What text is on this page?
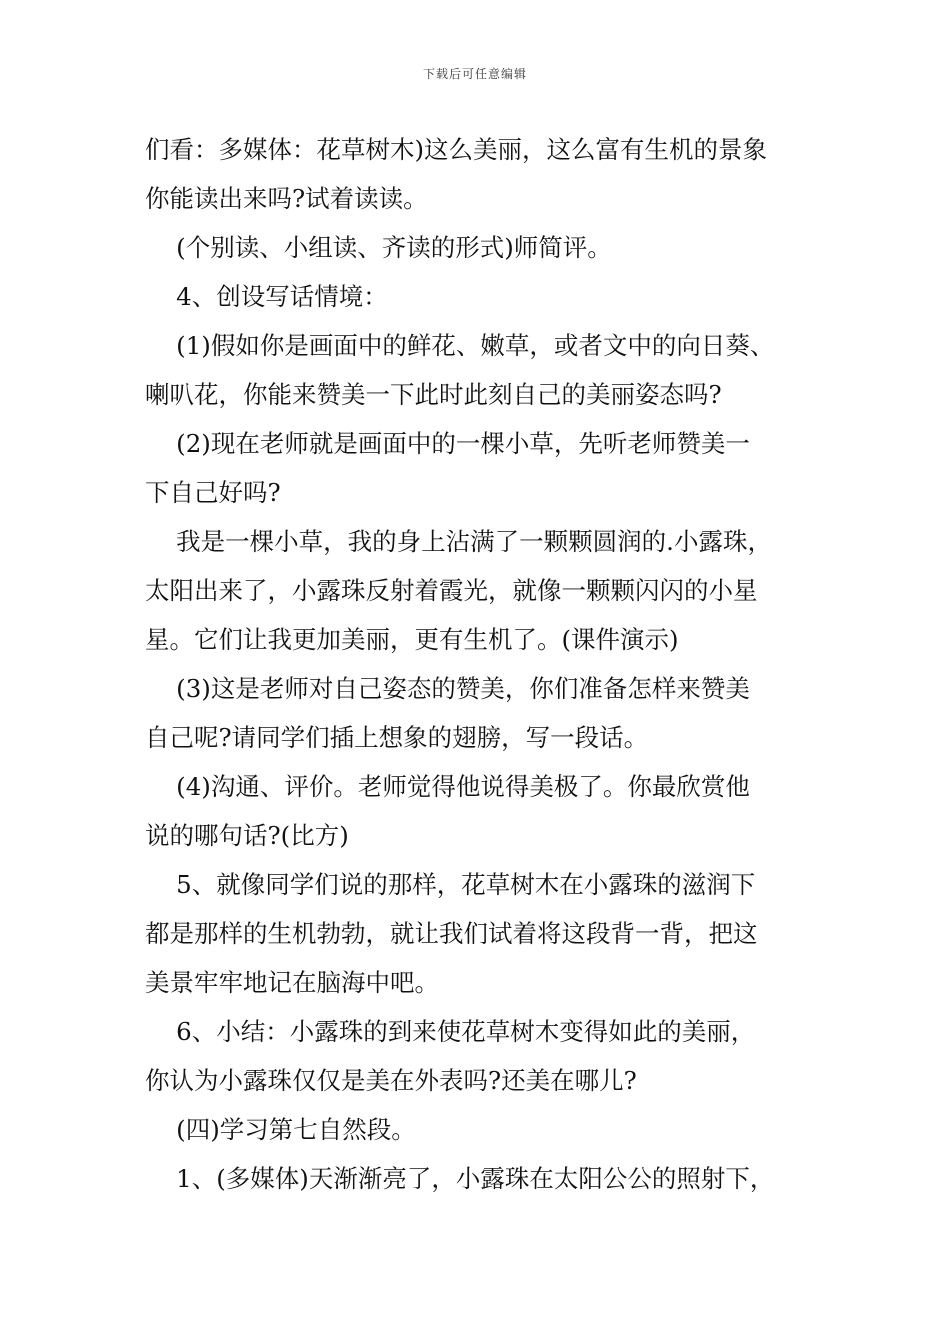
下载后可任意编辑

们看：多媒体：花草树木)这么美丽，这么富有生机的景象
你能读出来吗?试着读读。

(个别读、小组读、齐读的形式)师简评。

4、创设写话情境：

(1)假如你是画面中的鲜花、嫩草，或者文中的向日葵、
喇叭花，你能来赞美一下此时此刻自己的美丽姿态吗?

(2)现在老师就是画面中的一棵小草，先听老师赞美一
下自己好吗?

我是一棵小草，我的身上沾满了一颗颗圆润的.小露珠，
太阳出来了，小露珠反射着霞光，就像一颗颗闪闪的小星
星。它们让我更加美丽，更有生机了。(课件演示)

(3)这是老师对自己姿态的赞美，你们准备怎样来赞美
自己呢?请同学们插上想象的翅膀，写一段话。

(4)沟通、评价。老师觉得他说得美极了。你最欣赏他
说的哪句话?(比方)

5、就像同学们说的那样，花草树木在小露珠的滋润下
都是那样的生机勃勃，就让我们试着将这段背一背，把这
美景牢牢地记在脑海中吧。

6、小结：小露珠的到来使花草树木变得如此的美丽，
你认为小露珠仅仅是美在外表吗?还美在哪儿?

(四)学习第七自然段。

1、(多媒体)天渐渐亮了，小露珠在太阳公公的照射下，
